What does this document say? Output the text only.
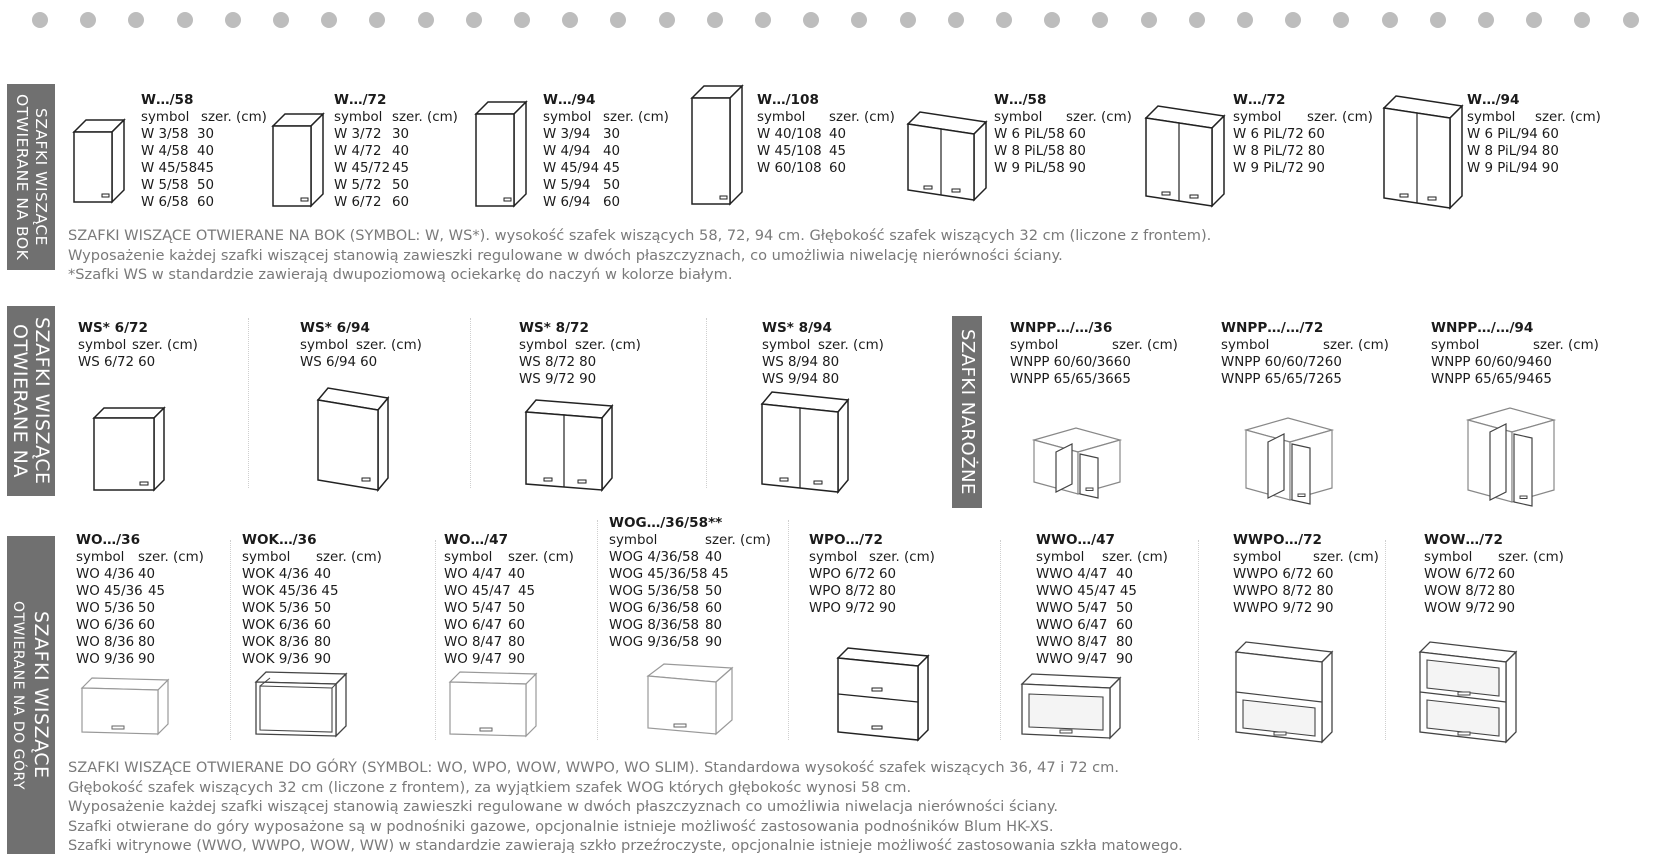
SZAFKI WISZĄCE
OTWIERANE NA BOK
W…/58
symbol szer. (cm)
W 3/58 30
W 4/58 40
W 45/58 45
W 5/58 50
W 6/58 60
W…/72
symbol szer. (cm)
W 3/72 30
W 4/72 40
W 45/72 45
W 5/72 50
W 6/72 60
W…/94
symbol szer. (cm)
W 3/94 30
W 4/94 40
W 45/94 45
W 5/94 50
W 6/94 60
W…/108
symbol szer. (cm)
W 40/108 40
W 45/108 45
W 60/108 60
W…/58
symbol szer. (cm)
W 6 PiL/58 60
W 8 PiL/58 80
W 9 PiL/58 90
W…/72
symbol szer. (cm)
W 6 PiL/72 60
W 8 PiL/72 80
W 9 PiL/72 90
W…/94
symbol szer. (cm)
W 6 PiL/94 60
W 8 PiL/94 80
W 9 PiL/94 90
SZAFKI WISZĄCE OTWIERANE NA BOK (SYMBOL: W, WS*). wysokość szafek wiszących 58, 72, 94 cm. Głębokość szafek wiszących 32 cm (liczone z frontem).
Wyposażenie każdej szafki wiszącej stanowią zawieszki regulowane w dwóch płaszczyznach, co umożliwia niwelację nierówności ściany.
*Szafki WS w standardzie zawierają dwupoziomową ociekarkę do naczyń w kolorze białym.
SZAFKI WISZĄCE
OTWIERANE NA
WS* 6/72
symbol szer. (cm)
WS 6/72 60
WS* 6/94
symbol szer. (cm)
WS 6/94 60
WS* 8/72
symbol szer. (cm)
WS 8/72 80
WS 9/72 90
WS* 8/94
symbol szer. (cm)
WS 8/94 80
WS 9/94 80	SZAFKI NAROŻNE
WNPP…/…/36
symbol	szer. (cm)
WNPP 60/60/3660
WNPP 65/65/3665
WNPP…/…/72
symbol	szer. (cm)
WNPP 60/60/7260
WNPP 65/65/7265
WNPP…/…/94
symbol	szer. (cm)
WNPP 60/60/9460
WNPP 65/65/9465
SZAFKI WISZĄCE
OTWIERANE NA DO GÓRY
WO…/36
symbol szer. (cm)
WO 4/36 40
WO 45/36 45
WO 5/36 50
WO 6/36 60
WO 8/36 80
WO 9/36 90
WOK…/36
symbol szer. (cm)
WOK 4/36 40
WOK 45/36 45
WOK 5/36 50
WOK 6/36 60
WOK 8/36 80
WOK 9/36 90
WO…/47
symbol szer. (cm)
WO 4/47 40
WO 45/47 45
WO 5/47 50
WO 6/47 60
WO 8/47 80
WO 9/47 90
WOG…/36/58**
symbol	szer. (cm)
WOG 4/36/58 40
WOG 45/36/58 45
WOG 5/36/58 50
WOG 6/36/58 60
WOG 8/36/58 80
WOG 9/36/58 90
WPO…/72
symbol szer. (cm)
WPO 6/72 60
WPO 8/72 80
WPO 9/72 90
WWO…/47
symbol szer. (cm)
WWO 4/47 40
WWO 45/47 45
WWO 5/47 50
WWO 6/47 60
WWO 8/47 80
WWO 9/47 90
WWPO…/72
symbol szer. (cm)
WWPO 6/72 60
WWPO 8/72 80
WWPO 9/72 90
WOW…/72
symbol szer. (cm)
WOW 6/72 60
WOW 8/72 80
WOW 9/72 90
SZAFKI WISZĄCE OTWIERANE DO GÓRY (SYMBOL: WO, WPO, WOW, WWPO, WO SLIM). Standardowa wysokość szafek wiszących 36, 47 i 72 cm.
Głębokość szafek wiszących 32 cm (liczone z frontem), za wyjątkiem szafek WOG których głębokośc wynosi 58 cm.
Wyposażenie każdej szafki wiszącej stanowią zawieszki regulowane w dwóch płaszczyznach co umożliwia niwelacja nierówności ściany.
Szafki otwierane do góry wyposażone są w podnośniki gazowe, opcjonalnie istnieje możliwość zastosowania podnośników Blum HK-XS.
Szafki witrynowe (WWO, WWPO, WOW, WW) w standardzie zawierają szkło przeźroczyste, opcjonalnie istnieje możliwość zastosowania szkła matowego.
